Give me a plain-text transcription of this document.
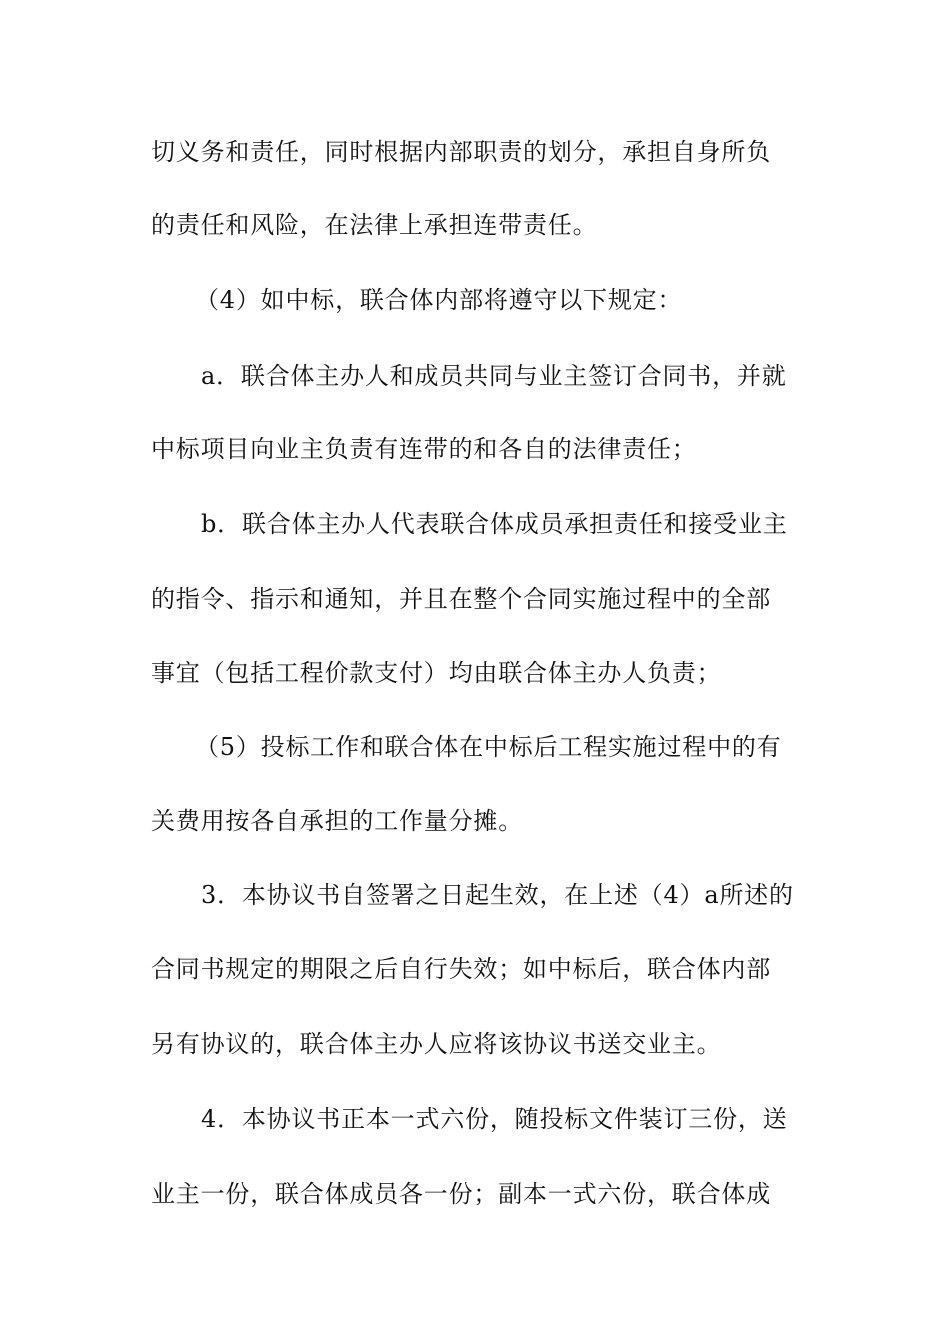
切义务和责任，同时根据内部职责的划分，承担自身所负
的责任和风险，在法律上承担连带责任。
（4）如中标，联合体内部将遵守以下规定：
a．联合体主办人和成员共同与业主签订合同书，并就
中标项目向业主负责有连带的和各自的法律责任；
b．联合体主办人代表联合体成员承担责任和接受业主
的指令、指示和通知，并且在整个合同实施过程中的全部
事宜（包括工程价款支付）均由联合体主办人负责；
（5）投标工作和联合体在中标后工程实施过程中的有
关费用按各自承担的工作量分摊。
3．本协议书自签署之日起生效，在上述（4）a所述的
合同书规定的期限之后自行失效；如中标后，联合体内部
另有协议的，联合体主办人应将该协议书送交业主。
4．本协议书正本一式六份，随投标文件装订三份，送
业主一份，联合体成员各一份；副本一式六份，联合体成
